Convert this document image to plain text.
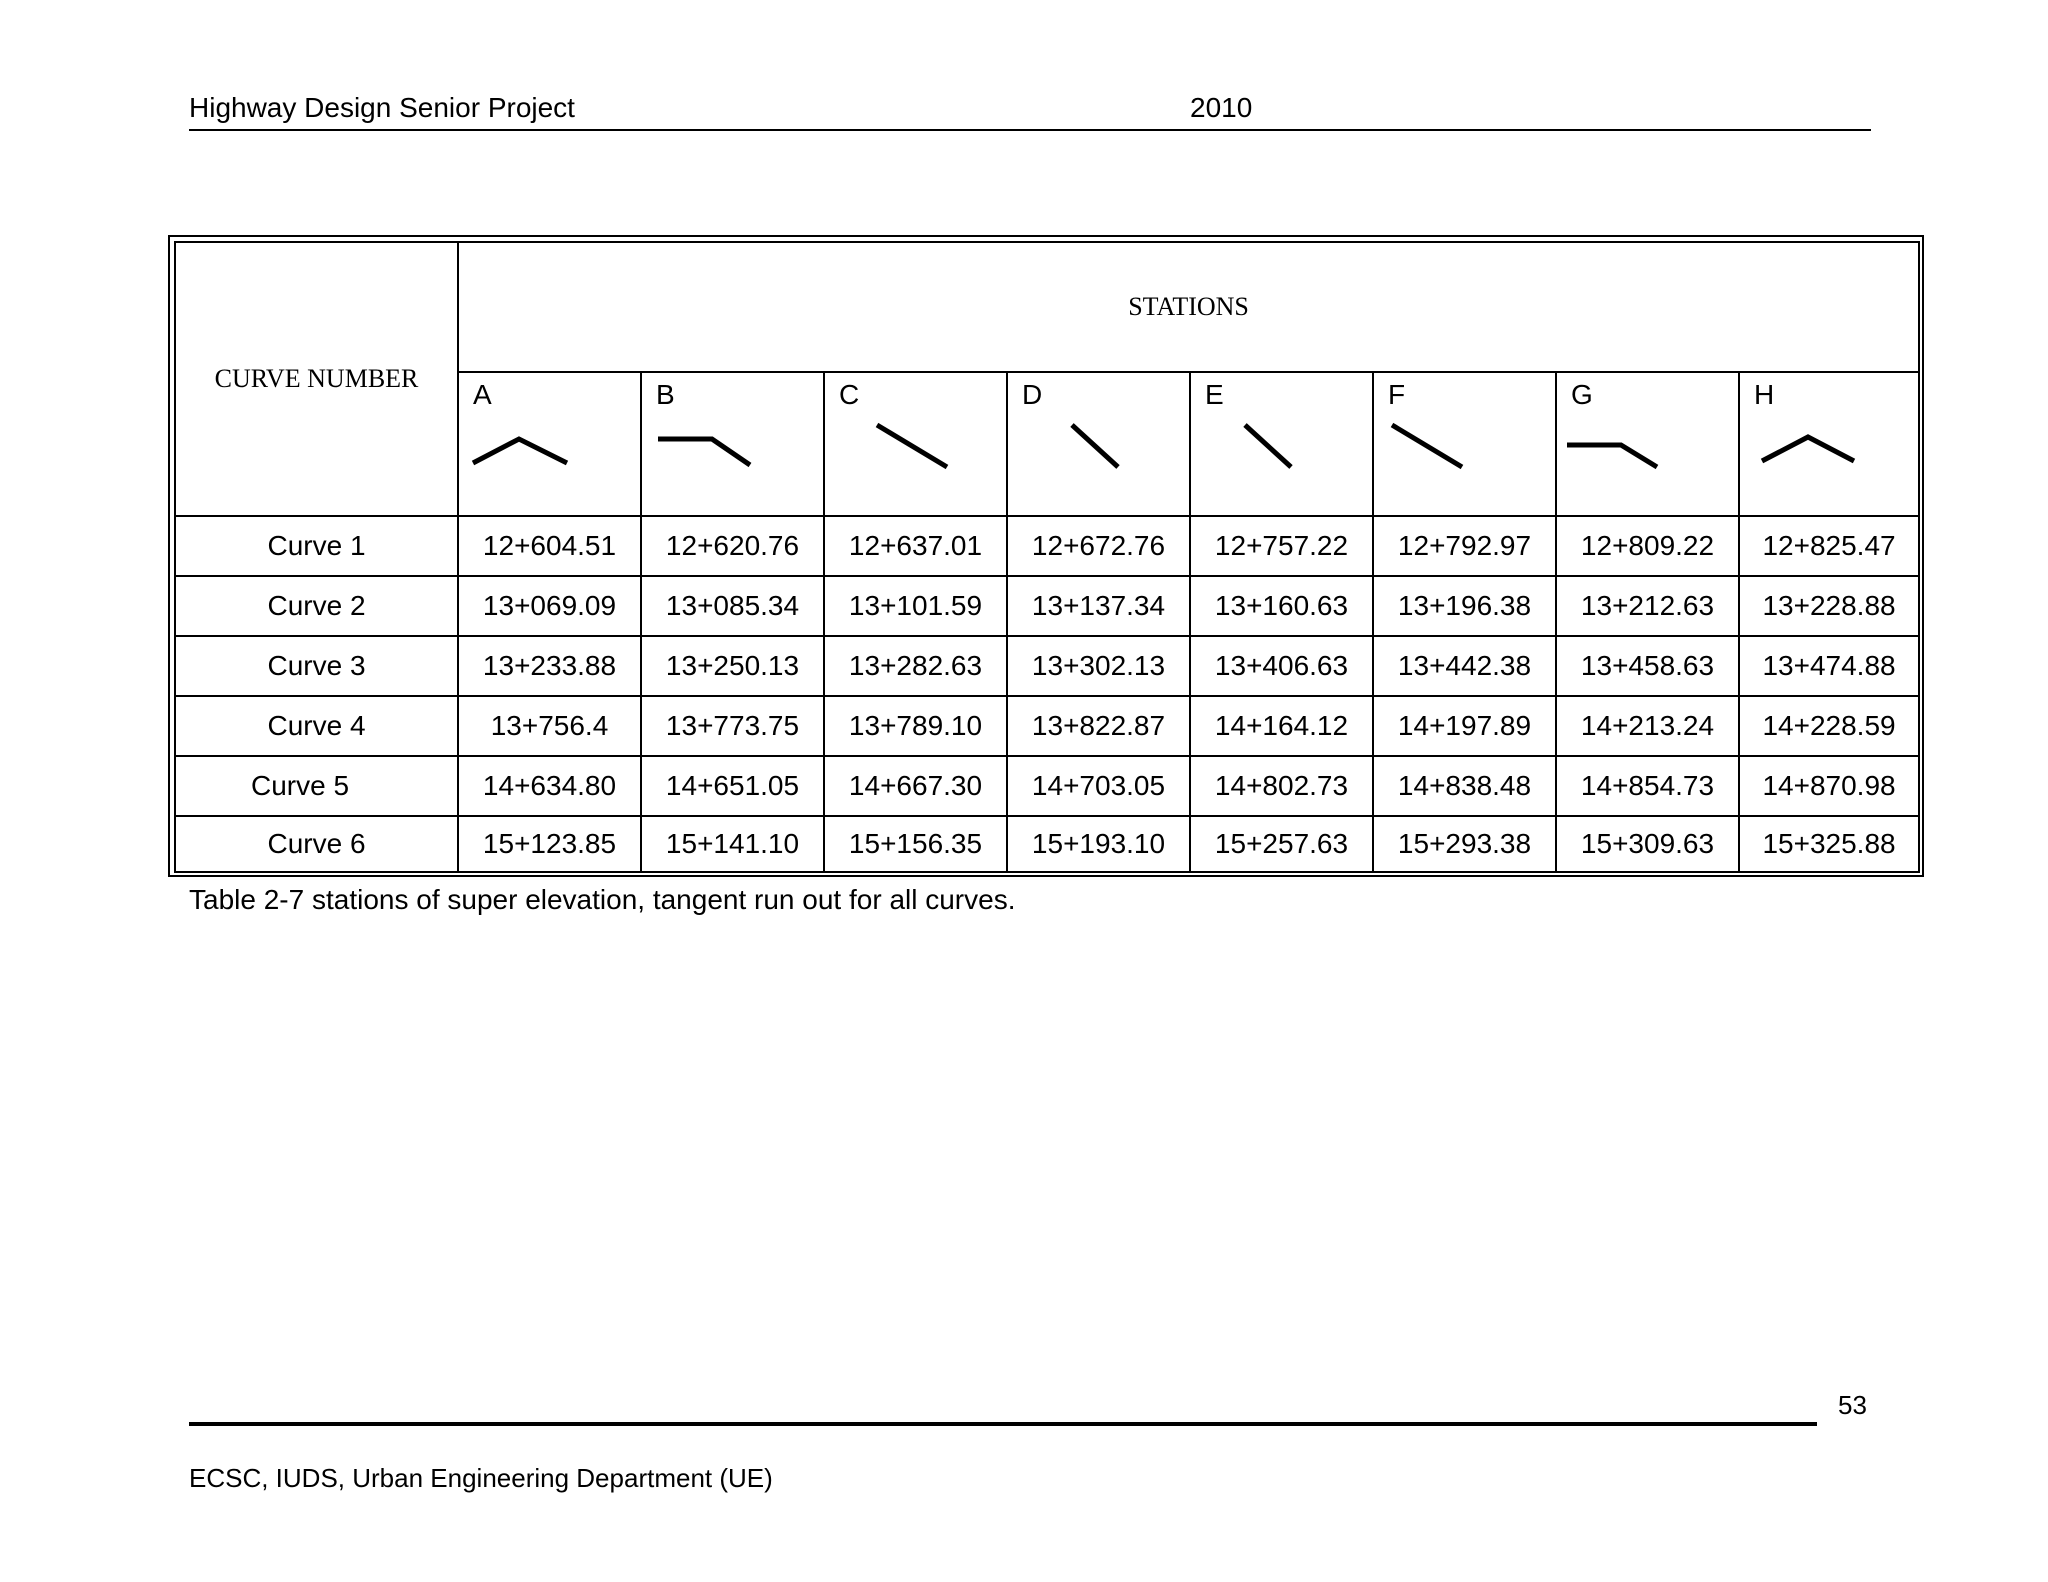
Highway Design Senior Project	2010
CURVE NUMBER	STATIONS							

	A	B	C	D	E	F	G	H

Curve 1	12+604.51	12+620.76	12+637.01	12+672.76	12+757.22	12+792.97	12+809.22	12+825.47
Curve 2	13+069.09	13+085.34	13+101.59	13+137.34	13+160.63	13+196.38	13+212.63	13+228.88
Curve 3	13+233.88	13+250.13	13+282.63	13+302.13	13+406.63	13+442.38	13+458.63	13+474.88
Curve 4	13+756.4	13+773.75	13+789.10	13+822.87	14+164.12	14+197.89	14+213.24	14+228.59
Curve 5	14+634.80	14+651.05	14+667.30	14+703.05	14+802.73	14+838.48	14+854.73	14+870.98
Curve 6	15+123.85	15+141.10	15+156.35	15+193.10	15+257.63	15+293.38	15+309.63	15+325.88
Table 2-7 stations of super elevation, tangent run out for all curves.
53
ECSC, IUDS, Urban Engineering Department (UE)
